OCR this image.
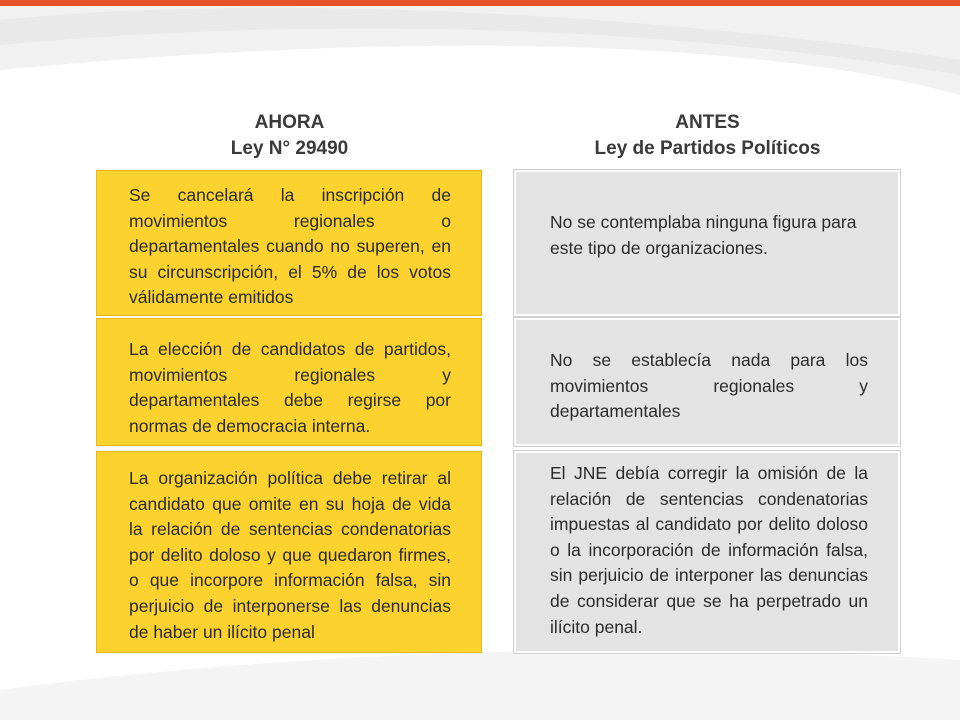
AHORA
Ley N° 29490
ANTES
Ley de Partidos Políticos

Se cancelará la inscripción de movimientos regionales o departamentales cuando no superen, en su circunscripción, el 5% de los votos válidamente emitidos

La elección de candidatos de partidos, movimientos regionales y departamentales debe regirse por normas de democracia interna.

La organización política debe retirar al candidato que omite en su hoja de vida la relación de sentencias condenatorias por delito doloso y que quedaron firmes, o que incorpore información falsa, sin perjuicio de interponerse las denuncias de haber un ilícito penal

No se contemplaba ninguna figura para este tipo de organizaciones.

No se establecía nada para los movimientos regionales y departamentales

El JNE debía corregir la omisión de la relación de sentencias condenatorias impuestas al candidato por delito doloso o la incorporación de información falsa, sin perjuicio de interponer las denuncias de considerar que se ha perpetrado un ilícito penal.
